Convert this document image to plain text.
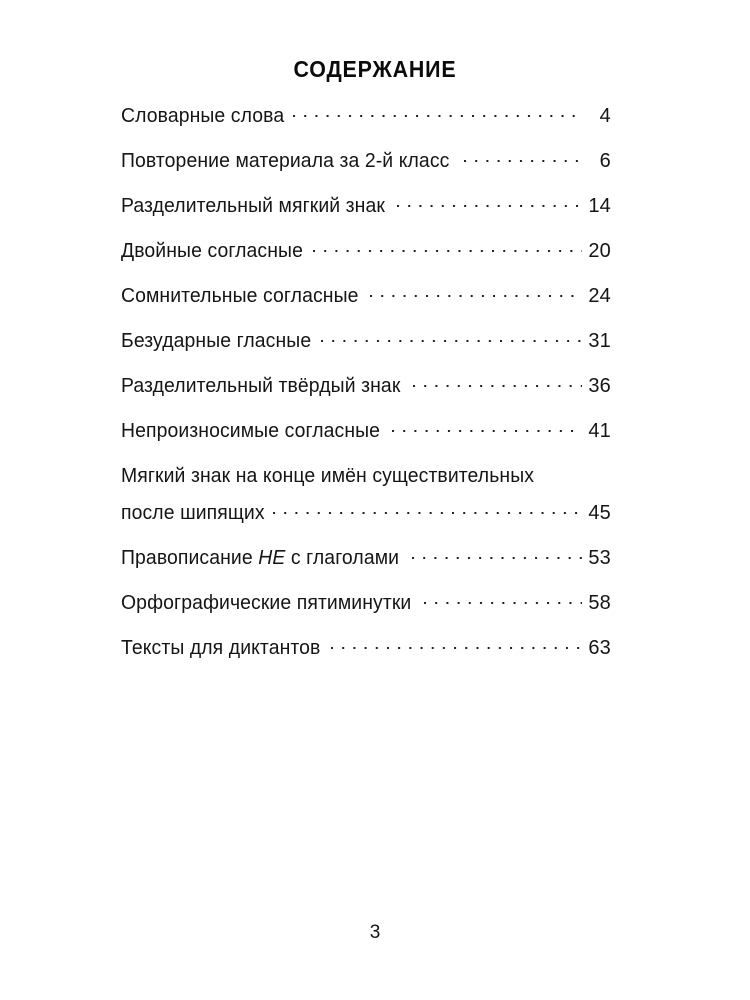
СОДЕРЖАНИЕ
Словарные слова	4
Повторение материала за 2-й класс	6
Разделительный мягкий знак	14
Двойные согласные	20
Сомнительные согласные	24
Безударные гласные	31
Разделительный твёрдый знак	36
Непроизносимые согласные	41
Мягкий знак на конце имён существительных
после шипящих	45
Правописание НЕ с глаголами	53
Орфографические пятиминутки	58
Тексты для диктантов	63
3
